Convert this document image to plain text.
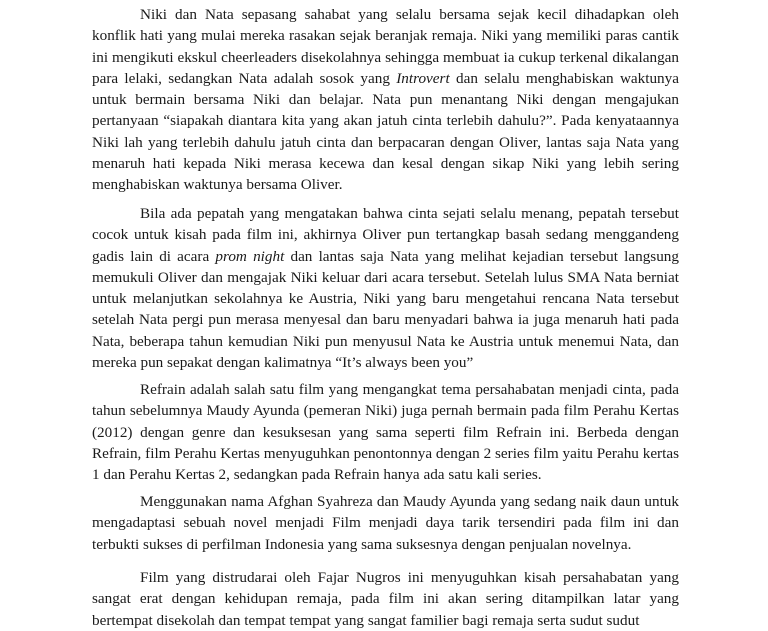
Niki dan Nata sepasang sahabat yang selalu bersama sejak kecil dihadapkan oleh konflik hati yang mulai mereka rasakan sejak beranjak remaja. Niki yang memiliki paras cantik ini mengikuti ekskul cheerleaders disekolahnya sehingga membuat ia cukup terkenal dikalangan para lelaki, sedangkan Nata adalah sosok yang Introvert dan selalu menghabiskan waktunya untuk bermain bersama Niki dan belajar. Nata pun menantang Niki dengan mengajukan pertanyaan “siapakah diantara kita yang akan jatuh cinta terlebih dahulu?”. Pada kenyataannya Niki lah yang terlebih dahulu jatuh cinta dan berpacaran dengan Oliver, lantas saja Nata yang menaruh hati kepada Niki merasa kecewa dan kesal dengan sikap Niki yang lebih sering menghabiskan waktunya bersama Oliver.

Bila ada pepatah yang mengatakan bahwa cinta sejati selalu menang, pepatah tersebut cocok untuk kisah pada film ini, akhirnya Oliver pun tertangkap basah sedang menggandeng gadis lain di acara prom night dan lantas saja Nata yang melihat kejadian tersebut langsung memukuli Oliver dan mengajak Niki keluar dari acara tersebut. Setelah lulus SMA Nata berniat untuk melanjutkan sekolahnya ke Austria, Niki yang baru mengetahui rencana Nata tersebut setelah Nata pergi pun merasa menyesal dan baru menyadari bahwa ia juga menaruh hati pada Nata, beberapa tahun kemudian Niki pun menyusul Nata ke Austria untuk menemui Nata, dan mereka pun sepakat dengan kalimatnya “It’s always been you”

Refrain adalah salah satu film yang mengangkat tema persahabatan menjadi cinta, pada tahun sebelumnya Maudy Ayunda (pemeran Niki) juga pernah bermain pada film Perahu Kertas (2012) dengan genre dan kesuksesan yang sama seperti film Refrain ini. Berbeda dengan Refrain, film Perahu Kertas menyuguhkan penontonnya dengan 2 series film yaitu Perahu kertas 1 dan Perahu Kertas 2, sedangkan pada Refrain hanya ada satu kali series.

Menggunakan nama Afghan Syahreza dan Maudy Ayunda yang sedang naik daun untuk mengadaptasi sebuah novel menjadi Film menjadi daya tarik tersendiri pada film ini dan terbukti sukses di perfilman Indonesia yang sama suksesnya dengan penjualan novelnya.

Film yang distrudarai oleh Fajar Nugros ini menyuguhkan kisah persahabatan yang sangat erat dengan kehidupan remaja, pada film ini akan sering ditampilkan latar yang bertempat disekolah dan tempat tempat yang sangat familier bagi remaja serta sudut sudut
